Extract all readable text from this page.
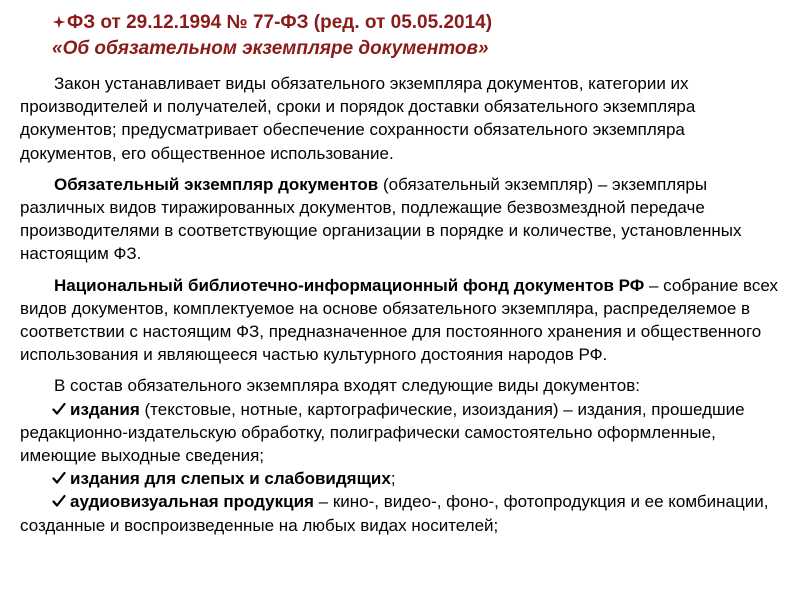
ФЗ от 29.12.1994 № 77-ФЗ (ред. от 05.05.2014)
«Об обязательном экземпляре документов»

Закон устанавливает виды обязательного экземпляра документов, категории их производителей и получателей, сроки и порядок доставки обязательного экземпляра документов; предусматривает обеспечение сохранности обязательного экземпляра документов, его общественное использование.

Обязательный экземпляр документов (обязательный экземпляр) – экземпляры различных видов тиражированных документов, подлежащие безвозмездной передаче производителями в соответствующие организации в порядке и количестве, установленных настоящим ФЗ.

Национальный библиотечно-информационный фонд документов РФ – собрание всех видов документов, комплектуемое на основе обязательного экземпляра, распределяемое в соответствии с настоящим ФЗ, предназначенное для постоянного хранения и общественного использования и являющееся частью культурного достояния народов РФ.

В состав обязательного экземпляра входят следующие виды документов:

издания (текстовые, нотные, картографические, изоиздания) – издания, прошедшие редакционно-издательскую обработку, полиграфически самостоятельно оформленные, имеющие выходные сведения;
издания для слепых и слабовидящих;
аудиовизуальная продукция – кино-, видео-, фоно-, фотопродукция и ее комбинации, созданные и воспроизведенные на любых видах носителей;
